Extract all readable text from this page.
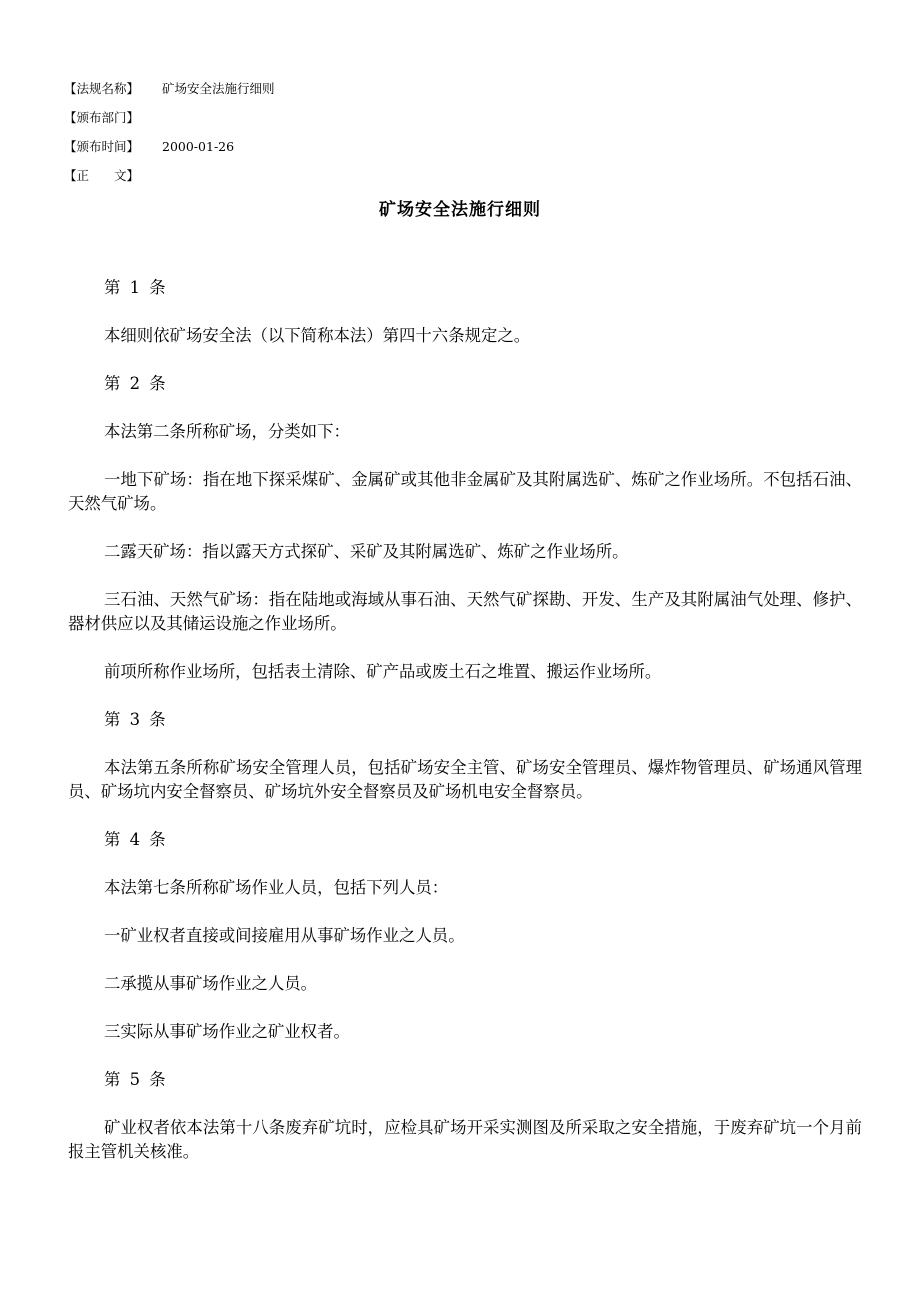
【法规名称】	矿场安全法施行细则
【颁布部门】
【颁布时间】	2000-01-26
【正　　文】
矿场安全法施行细则

第 1 条

本细则依矿场安全法（以下简称本法）第四十六条规定之。

第 2 条

本法第二条所称矿场，分类如下：

一地下矿场：指在地下探采煤矿、金属矿或其他非金属矿及其附属选矿、炼矿之作业场所。不包括石油、天然气矿场。

二露天矿场：指以露天方式探矿、采矿及其附属选矿、炼矿之作业场所。

三石油、天然气矿场：指在陆地或海域从事石油、天然气矿探勘、开发、生产及其附属油气处理、修护、器材供应以及其储运设施之作业场所。

前项所称作业场所，包括表土清除、矿产品或废土石之堆置、搬运作业场所。

第 3 条

本法第五条所称矿场安全管理人员，包括矿场安全主管、矿场安全管理员、爆炸物管理员、矿场通风管理员、矿场坑内安全督察员、矿场坑外安全督察员及矿场机电安全督察员。

第 4 条

本法第七条所称矿场作业人员，包括下列人员：

一矿业权者直接或间接雇用从事矿场作业之人员。

二承揽从事矿场作业之人员。

三实际从事矿场作业之矿业权者。

第 5 条

矿业权者依本法第十八条废弃矿坑时，应检具矿场开采实测图及所采取之安全措施，于废弃矿坑一个月前报主管机关核准。
